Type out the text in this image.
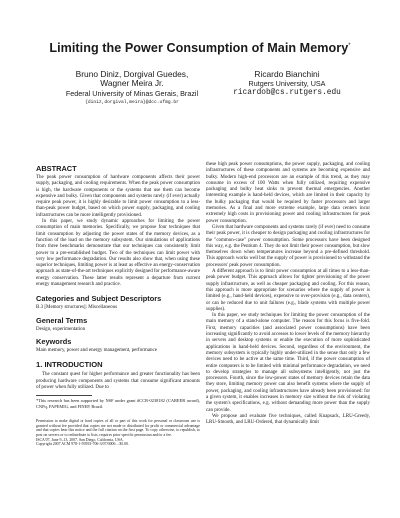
Limiting the Power Consumption of Main Memory*
Bruno Diniz, Dorgival Guedes,
Wagner Meira Jr.
Federal University of Minas Gerais, Brazil
{diniz,dorgival,meira}@dcc.ufmg.br
Ricardo Bianchini
Rutgers University, USA
ricardob@cs.rutgers.edu
ABSTRACT

The peak power consumption of hardware components affects their power supply, packaging, and cooling requirements. When the peak power consumption is high, the hardware components or the systems that use them can become expensive and bulky. Given that components and systems rarely (if ever) actually require peak power, it is highly desirable to limit power consumption to a less-than-peak power budget, based on which power supply, packaging, and cooling infrastructures can be more intelligently provisioned.

In this paper, we study dynamic approaches for limiting the power consumption of main memories. Specifically, we propose four techniques that limit consumption by adjusting the power states of the memory devices, as a function of the load on the memory subsystem. Our simulations of applications from three benchmarks demonstrate that our techniques can consistently limit power to a pre-established budget. Two of the techniques can limit power with very low performance degradation. Our results also show that, when using these superior techniques, limiting power is at least as effective an energy-conservation approach as state-of-the-art techniques explicitly designed for performance-aware energy conservation. These latter results represent a departure from current energy management research and practice.

Categories and Subject Descriptors

B.3 [Memory structures]: Miscellaneous

General Terms

Design, experimentation

Keywords

Main memory, power and energy management, performance

1. INTRODUCTION

The constant quest for higher performance and greater functionality has been producing hardware components and systems that consume significant amounts of power when fully utilized. Due to

*This research has been supported by NSF under grant #CCR-0238182 (CAREER award), CNPq, FAPEMIG, and FINEP, Brazil.

Permission to make digital or hard copies of all or part of this work for personal or classroom use is granted without fee provided that copies are not made or distributed for profit or commercial advantage and that copies bear this notice and the full citation on the first page. To copy otherwise, to republish, to post on servers or to redistribute to lists, requires prior specific permission and/or a fee.

ISCA'07, June 9–13, 2007, San Diego, California, USA.

Copyright 2007 ACM 978-1-59593-706-3/07/0006 ...$5.00.

these high peak power consumptions, the power supply, packaging, and cooling infrastructures of these components and systems are becoming expensive and bulky. Modern high-end processors are an example of this trend, as they may consume in excess of 100 Watts when fully utilized, requiring expensive packaging and bulky heat sinks to prevent thermal emergencies. Another interesting example is hand-held devices, which are limited in their capacity by the bulky packaging that would be required by faster processors and larger memories. As a final and more extreme example, large data centers incur extremely high costs in provisioning power and cooling infrastructures for peak power consumption.

Given that hardware components and systems rarely (if ever) need to consume their peak power, it is cheaper to design packaging and cooling infrastructures for the "common-case" power consumption. Some processors have been designed this way, e.g. the Pentium 4. They do not limit their power consumption, but slow themselves down when temperatures increase beyond a pre-defined threshold. This approach works well but the supply of power is provisioned to withstand the processors' peak power consumption.

A different approach is to limit power consumption at all times to a less-than-peak power budget. This approach allows for tighter provisioning of the power supply infrastructure, as well as cheaper packaging and cooling. For this reason, this approach is more appropriate for scenarios where the supply of power is limited (e.g., hand-held devices), expensive to over-provision (e.g., data centers), or can be reduced due to unit failures (e.g., blade systems with multiple power supplies).

In this paper, we study techniques for limiting the power consumption of the main memory of a stand-alone computer. The reason for this focus is five-fold. First, memory capacities (and associated power consumptions) have been increasing significantly to avoid accesses to lower levels of the memory hierarchy in servers and desktop systems or enable the execution of more sophisticated applications in hand-held devices. Second, regardless of the environment, the memory subsystem is typically highly under-utilized in the sense that only a few devices need to be active at the same time. Third, if the power consumption of entire computers is to be limited with minimal performance degradation, we need to develop strategies to manage all subsystems intelligently, not just the processors. Fourth, since the low-power states of memory devices retain the data they store, limiting memory power can also benefit systems where the supply of power, packaging, and cooling infrastructures have already been provisioned: for a given system, it enables increases in memory size without the risk of violating the system's specifications, e.g. without demanding more power than the supply can provide.

We propose and evaluate five techniques, called Knapsack, LRU-Greedy, LRU-Smooth, and LRU-Ordered, that dynamically limit
